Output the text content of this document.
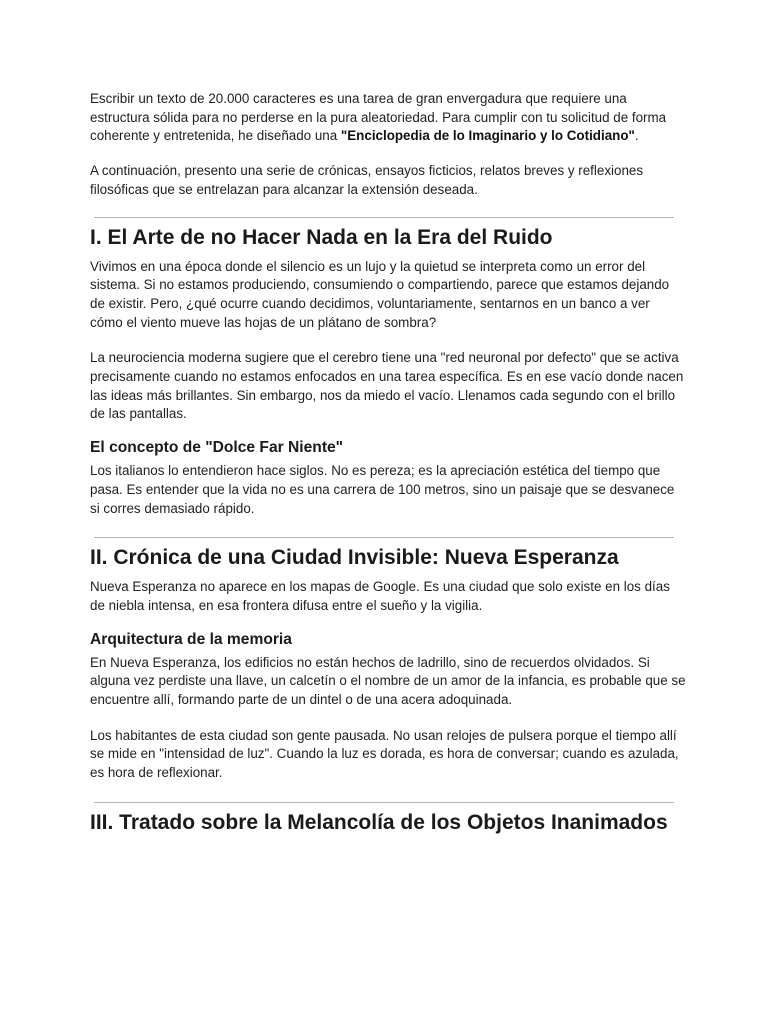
Escribir un texto de 20.000 caracteres es una tarea de gran envergadura que requiere una estructura sólida para no perderse en la pura aleatoriedad. Para cumplir con tu solicitud de forma coherente y entretenida, he diseñado una "Enciclopedia de lo Imaginario y lo Cotidiano".

A continuación, presento una serie de crónicas, ensayos ficticios, relatos breves y reflexiones filosóficas que se entrelazan para alcanzar la extensión deseada.

I. El Arte de no Hacer Nada en la Era del Ruido

Vivimos en una época donde el silencio es un lujo y la quietud se interpreta como un error del sistema. Si no estamos produciendo, consumiendo o compartiendo, parece que estamos dejando de existir. Pero, ¿qué ocurre cuando decidimos, voluntariamente, sentarnos en un banco a ver cómo el viento mueve las hojas de un plátano de sombra?

La neurociencia moderna sugiere que el cerebro tiene una "red neuronal por defecto" que se activa precisamente cuando no estamos enfocados en una tarea específica. Es en ese vacío donde nacen las ideas más brillantes. Sin embargo, nos da miedo el vacío. Llenamos cada segundo con el brillo de las pantallas.

El concepto de "Dolce Far Niente"

Los italianos lo entendieron hace siglos. No es pereza; es la apreciación estética del tiempo que pasa. Es entender que la vida no es una carrera de 100 metros, sino un paisaje que se desvanece si corres demasiado rápido.

II. Crónica de una Ciudad Invisible: Nueva Esperanza

Nueva Esperanza no aparece en los mapas de Google. Es una ciudad que solo existe en los días de niebla intensa, en esa frontera difusa entre el sueño y la vigilia.

Arquitectura de la memoria

En Nueva Esperanza, los edificios no están hechos de ladrillo, sino de recuerdos olvidados. Si alguna vez perdiste una llave, un calcetín o el nombre de un amor de la infancia, es probable que se encuentre allí, formando parte de un dintel o de una acera adoquinada.

Los habitantes de esta ciudad son gente pausada. No usan relojes de pulsera porque el tiempo allí se mide en "intensidad de luz". Cuando la luz es dorada, es hora de conversar; cuando es azulada, es hora de reflexionar.

III. Tratado sobre la Melancolía de los Objetos Inanimados
